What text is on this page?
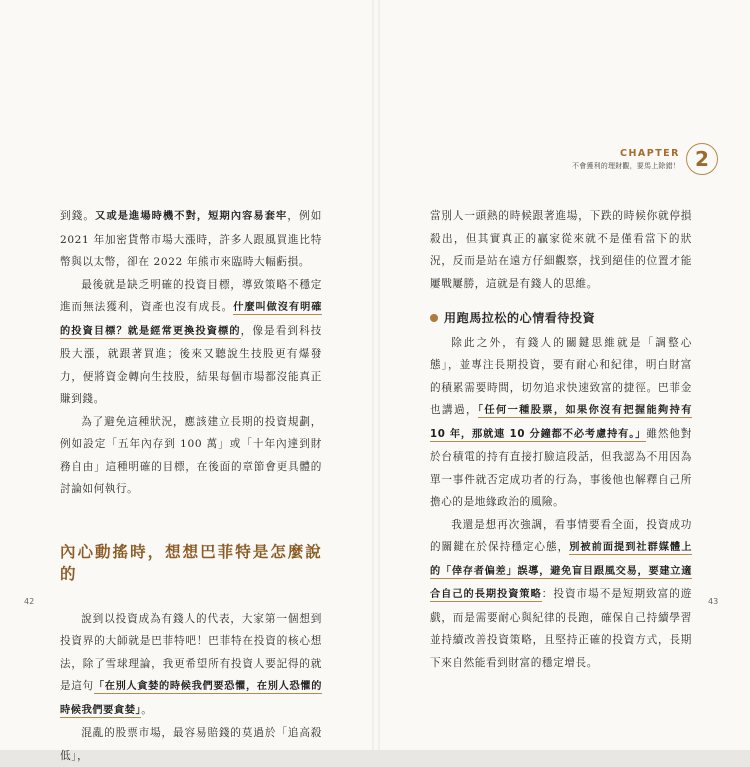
CHAPTER
不會獲利的理財觀，要馬上除錯！ 2

到錢。又或是進場時機不對，短期內容易套牢，例如 2021 年加密貨幣市場大漲時，許多人跟風買進比特幣與以太幣，卻在 2022 年熊市來臨時大幅虧損。

最後就是缺乏明確的投資目標，導致策略不穩定進而無法獲利，資產也沒有成長。什麼叫做沒有明確的投資目標？就是經常更換投資標的，像是看到科技股大漲，就跟著買進；後來又聽說生技股更有爆發力，便將資金轉向生技股，結果每個市場都沒能真正賺到錢。

為了避免這種狀況，應該建立長期的投資規劃，例如設定「五年內存到 100 萬」或「十年內達到財務自由」這種明確的目標，在後面的章節會更具體的討論如何執行。

內心動搖時，想想巴菲特是怎麼說的

說到以投資成為有錢人的代表，大家第一個想到投資界的大師就是巴菲特吧！巴菲特在投資的核心想法，除了雪球理論，我更希望所有投資人要記得的就是這句「在別人貪婪的時候我們要恐懼，在別人恐懼的時候我們要貪婪」。

混亂的股票市場，最容易賠錢的莫過於「追高殺低」，

當別人一頭熱的時候跟著進場，下跌的時候你就停損殺出，但其實真正的贏家從來就不是僅看當下的狀況，反而是站在遠方仔細觀察，找到絕佳的位置才能屢戰屢勝，這就是有錢人的思維。

用跑馬拉松的心情看待投資

除此之外，有錢人的關鍵思維就是「調整心態」，並專注長期投資，要有耐心和紀律，明白財富的積累需要時間，切勿追求快速致富的捷徑。巴菲金也講過，「任何一種股票，如果你沒有把握能夠持有 10 年，那就連 10 分鐘都不必考慮持有。」雖然他對於台積電的持有直接打臉這段話，但我認為不用因為單一事件就否定成功者的行為，事後他也解釋自己所擔心的是地緣政治的風險。

我還是想再次強調，看事情要看全面，投資成功的關鍵在於保持穩定心態，別被前面提到社群媒體上的「倖存者偏差」誤導，避免盲目跟風交易，要建立適合自己的長期投資策略：投資市場不是短期致富的遊戲，而是需要耐心與紀律的長跑，確保自己持續學習並持續改善投資策略，且堅持正確的投資方式，長期下來自然能看到財富的穩定增長。

42	43
